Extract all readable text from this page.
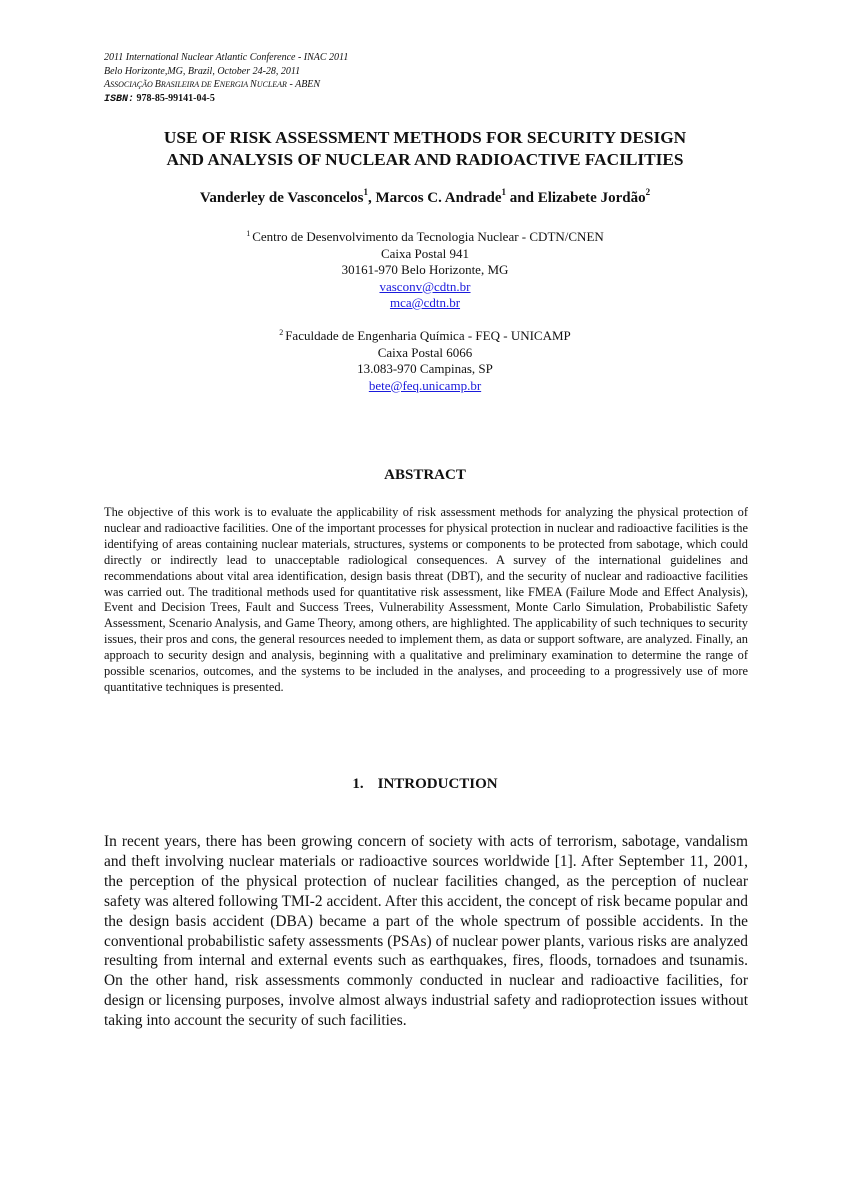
2011 International Nuclear Atlantic Conference - INAC 2011
Belo Horizonte,MG, Brazil, October 24-28, 2011
ASSOCIAÇÃO BRASILEIRA DE ENERGIA NUCLEAR - ABEN
ISBN: 978-85-99141-04-5
USE OF RISK ASSESSMENT METHODS FOR SECURITY DESIGN
AND ANALYSIS OF NUCLEAR AND RADIOACTIVE FACILITIES
Vanderley de Vasconcelos$^1$, Marcos C. Andrade$^1$ and Elizabete Jordão$^2$
$^1$ Centro de Desenvolvimento da Tecnologia Nuclear - CDTN/CNEN
Caixa Postal 941
30161-970 Belo Horizonte, MG
vasconv@cdtn.br
mca@cdtn.br
$^2$ Faculdade de Engenharia Química - FEQ - UNICAMP
Caixa Postal 6066
13.083-970 Campinas, SP
bete@feq.unicamp.br
ABSTRACT
The objective of this work is to evaluate the applicability of risk assessment methods for analyzing the physical protection of nuclear and radioactive facilities. One of the important processes for physical protection in nuclear and radioactive facilities is the identifying of areas containing nuclear materials, structures, systems or components to be protected from sabotage, which could directly or indirectly lead to unacceptable radiological consequences. A survey of the international guidelines and recommendations about vital area identification, design basis threat (DBT), and the security of nuclear and radioactive facilities was carried out. The traditional methods used for quantitative risk assessment, like FMEA (Failure Mode and Effect Analysis), Event and Decision Trees, Fault and Success Trees, Vulnerability Assessment, Monte Carlo Simulation, Probabilistic Safety Assessment, Scenario Analysis, and Game Theory, among others, are highlighted. The applicability of such techniques to security issues, their pros and cons, the general resources needed to implement them, as data or support software, are analyzed. Finally, an approach to security design and analysis, beginning with a qualitative and preliminary examination to determine the range of possible scenarios, outcomes, and the systems to be included in the analyses, and proceeding to a progressively use of more quantitative techniques is presented.
1. INTRODUCTION
In recent years, there has been growing concern of society with acts of terrorism, sabotage, vandalism and theft involving nuclear materials or radioactive sources worldwide [1]. After September 11, 2001, the perception of the physical protection of nuclear facilities changed, as the perception of nuclear safety was altered following TMI-2 accident. After this accident, the concept of risk became popular and the design basis accident (DBA) became a part of the whole spectrum of possible accidents. In the conventional probabilistic safety assessments (PSAs) of nuclear power plants, various risks are analyzed resulting from internal and external events such as earthquakes, fires, floods, tornadoes and tsunamis. On the other hand, risk assessments commonly conducted in nuclear and radioactive facilities, for design or licensing purposes, involve almost always industrial safety and radioprotection issues without taking into account the security of such facilities.
